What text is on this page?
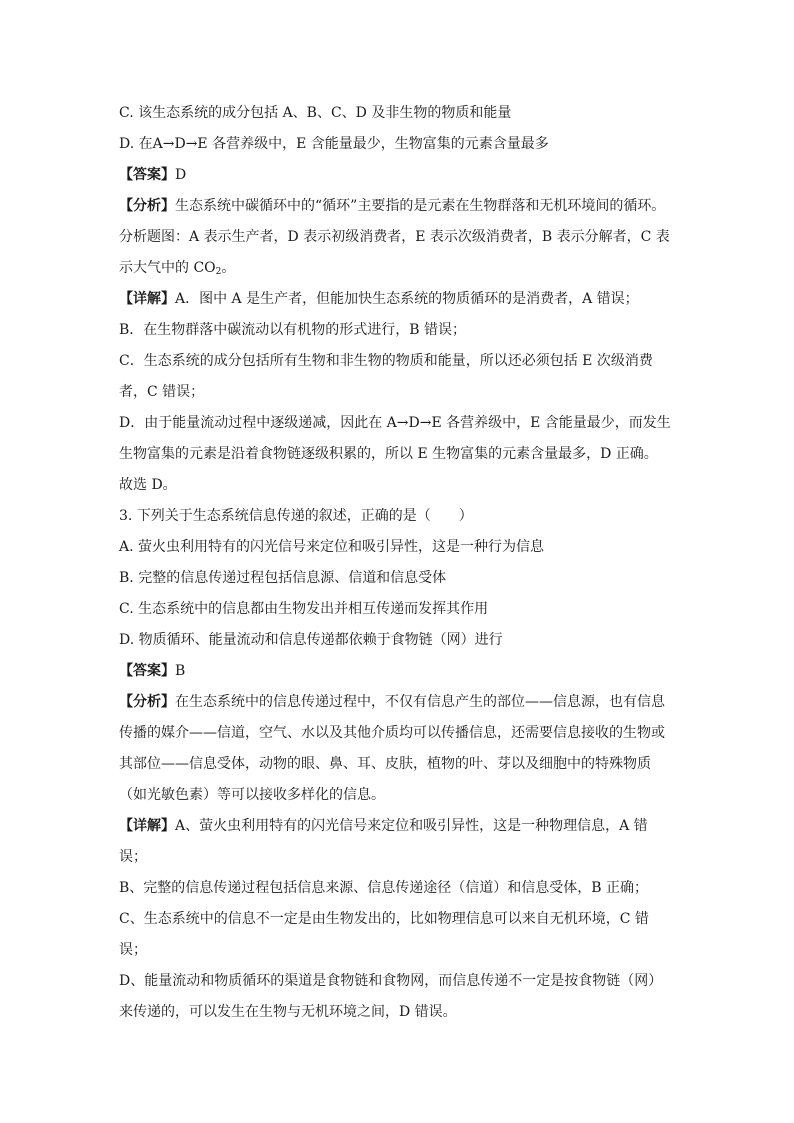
C. 该生态系统的成分包括 A、B、C、D 及非生物的物质和能量
D. 在A→D→E 各营养级中，E 含能量最少，生物富集的元素含量最多
【答案】D
【分析】生态系统中碳循环中的“循环”主要指的是元素在生物群落和无机环境间的循环。
分析题图：A 表示生产者，D 表示初级消费者，E 表示次级消费者，B 表示分解者，C 表
示大气中的 $CO_2$。
【详解】A．图中 A 是生产者，但能加快生态系统的物质循环的是消费者，A 错误；
B．在生物群落中碳流动以有机物的形式进行，B 错误；
C．生态系统的成分包括所有生物和非生物的物质和能量，所以还必须包括 E 次级消费
者，C 错误；
D．由于能量流动过程中逐级递减，因此在 A→D→E 各营养级中，E 含能量最少，而发生
生物富集的元素是沿着食物链逐级积累的，所以 E 生物富集的元素含量最多，D 正确。
故选 D。
3. 下列关于生态系统信息传递的叙述，正确的是（　　）
A. 萤火虫利用特有的闪光信号来定位和吸引异性，这是一种行为信息
B. 完整的信息传递过程包括信息源、信道和信息受体
C. 生态系统中的信息都由生物发出并相互传递而发挥其作用
D. 物质循环、能量流动和信息传递都依赖于食物链（网）进行
【答案】B
【分析】在生态系统中的信息传递过程中，不仅有信息产生的部位——信息源，也有信息
传播的媒介——信道，空气、水以及其他介质均可以传播信息，还需要信息接收的生物或
其部位——信息受体，动物的眼、鼻、耳、皮肤，植物的叶、芽以及细胞中的特殊物质
（如光敏色素）等可以接收多样化的信息。
【详解】A、萤火虫利用特有的闪光信号来定位和吸引异性，这是一种物理信息，A 错
误；
B、完整的信息传递过程包括信息来源、信息传递途径（信道）和信息受体，B 正确；
C、生态系统中的信息不一定是由生物发出的，比如物理信息可以来自无机环境，C 错
误；
D、能量流动和物质循环的渠道是食物链和食物网，而信息传递不一定是按食物链（网）
来传递的，可以发生在生物与无机环境之间，D 错误。
